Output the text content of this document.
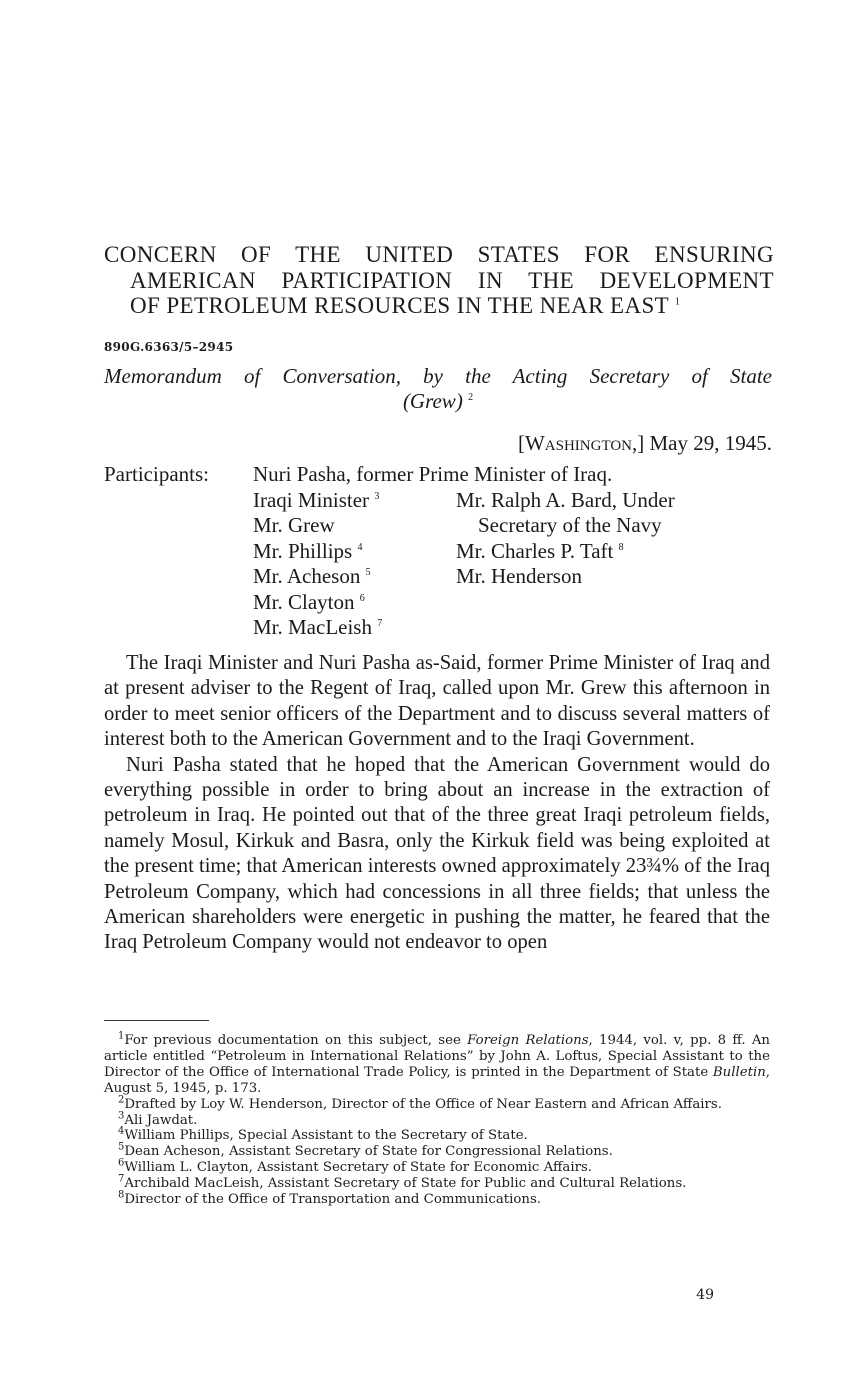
CONCERN OF THE UNITED STATES FOR ENSURING
AMERICAN PARTICIPATION IN THE DEVELOPMENT
OF PETROLEUM RESOURCES IN THE NEAR EAST $^1$
890G.6363/5–2945
Memorandum of Conversation, by the Acting Secretary of State
(Grew) $^2$
[Washington,] May 29, 1945.
Participants: Nuri Pasha, former Prime Minister of Iraq.
Iraqi Minister $^3$
Mr. Grew
Mr. Phillips $^4$
Mr. Acheson $^5$
Mr. Clayton $^6$
Mr. MacLeish $^7$
Mr. Ralph A. Bard, Under
Secretary of the Navy
Mr. Charles P. Taft $^8$
Mr. Henderson

The Iraqi Minister and Nuri Pasha as-Said, former Prime Minister of Iraq and at present adviser to the Regent of Iraq, called upon Mr. Grew this afternoon in order to meet senior officers of the Department and to discuss several matters of interest both to the American Government and to the Iraqi Government.

Nuri Pasha stated that he hoped that the American Government would do everything possible in order to bring about an increase in the extraction of petroleum in Iraq. He pointed out that of the three great Iraqi petroleum fields, namely Mosul, Kirkuk and Basra, only the Kirkuk field was being exploited at the present time; that American interests owned approximately 23¾% of the Iraq Petroleum Company, which had concessions in all three fields; that unless the American shareholders were energetic in pushing the matter, he feared that the Iraq Petroleum Company would not endeavor to open

$^1$For previous documentation on this subject, see Foreign Relations, 1944, vol. v, pp. 8 ff. An article entitled “Petroleum in International Relations” by John A. Loftus, Special Assistant to the Director of the Office of International Trade Policy, is printed in the Department of State Bulletin, August 5, 1945, p. 173.

$^2$Drafted by Loy W. Henderson, Director of the Office of Near Eastern and African Affairs.

$^3$Ali Jawdat.

$^4$William Phillips, Special Assistant to the Secretary of State.

$^5$Dean Acheson, Assistant Secretary of State for Congressional Relations.

$^6$William L. Clayton, Assistant Secretary of State for Economic Affairs.

$^7$Archibald MacLeish, Assistant Secretary of State for Public and Cultural Relations.

$^8$Director of the Office of Transportation and Communications.

49
